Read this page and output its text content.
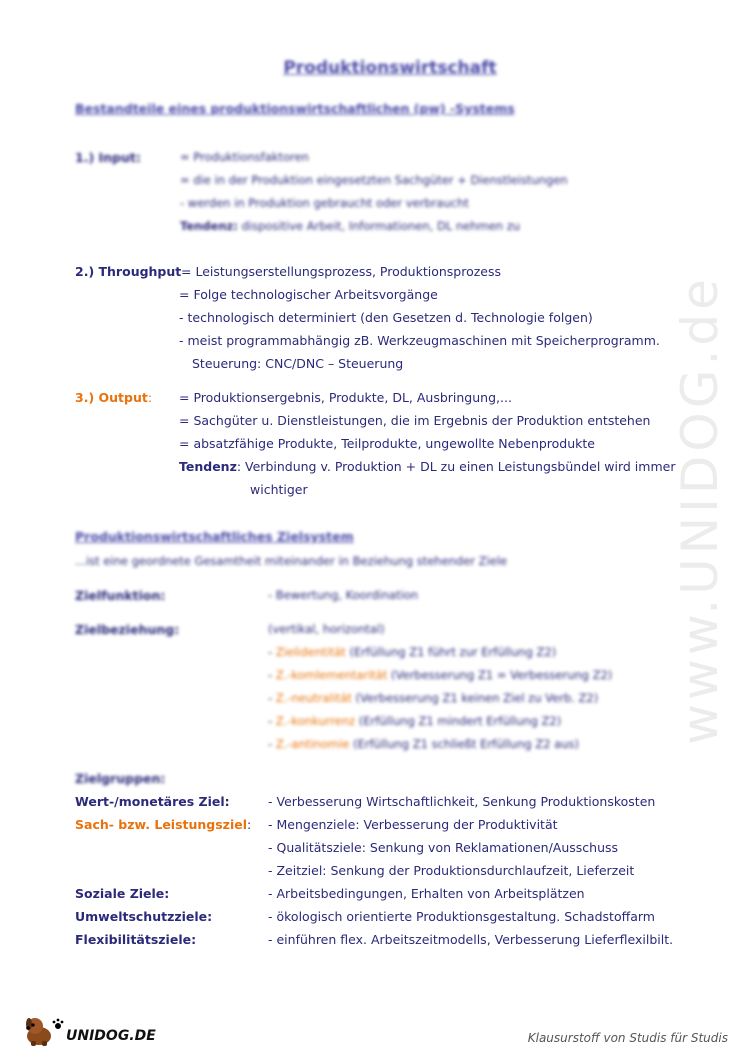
www.UNIDOG.de
Produktionswirtschaft
Bestandteile eines produktionswirtschaftlichen (pw) -Systems
1.) Input:	= Produktionsfaktoren
= die in der Produktion eingesetzten Sachgüter + Dienstleistungen
- werden in Produktion gebraucht oder verbraucht
Tendenz: dispositive Arbeit, Informationen, DL nehmen zu
2.) Throughput = Leistungserstellungsprozess, Produktionsprozess
= Folge technologischer Arbeitsvorgänge
- technologisch determiniert (den Gesetzen d. Technologie folgen)
- meist programmabhängig zB. Werkzeugmaschinen mit Speicherprogramm.
Steuerung: CNC/DNC – Steuerung
3.) Output: = Produktionsergebnis, Produkte, DL, Ausbringung,...
= Sachgüter u. Dienstleistungen, die im Ergebnis der Produktion entstehen
= absatzfähige Produkte, Teilprodukte, ungewollte Nebenprodukte
Tendenz: Verbindung v. Produktion + DL zu einen Leistungsbündel wird immer
wichtiger
Produktionswirtschaftliches Zielsystem
...ist eine geordnete Gesamtheit miteinander in Beziehung stehender Ziele
Zielfunktion:	- Bewertung, Koordination
Zielbeziehung:	(vertikal, horizontal)
- Zielidentität (Erfüllung Z1 führt zur Erfüllung Z2)
- Z.-komlementarität (Verbesserung Z1 = Verbesserung Z2)
- Z.-neutralität (Verbesserung Z1 keinen Ziel zu Verb. Z2)
- Z.-konkurrenz (Erfüllung Z1 mindert Erfüllung Z2)
- Z.-antinomie (Erfüllung Z1 schließt Erfüllung Z2 aus)
Zielgruppen:
Wert-/monetäres Ziel:	- Verbesserung Wirtschaftlichkeit, Senkung Produktionskosten
Sach- bzw. Leistungsziel: - Mengenziele: Verbesserung der Produktivität
- Qualitätsziele: Senkung von Reklamationen/Ausschuss
- Zeitziel: Senkung der Produktionsdurchlaufzeit, Lieferzeit
Soziale Ziele:	- Arbeitsbedingungen, Erhalten von Arbeitsplätzen
Umweltschutzziele:	- ökologisch orientierte Produktionsgestaltung. Schadstoffarm
Flexibilitätsziele:	- einführen flex. Arbeitszeitmodells, Verbesserung Lieferflexilbilt.
UNIDOG.DE	Klausurstoff von Studis für Studis
